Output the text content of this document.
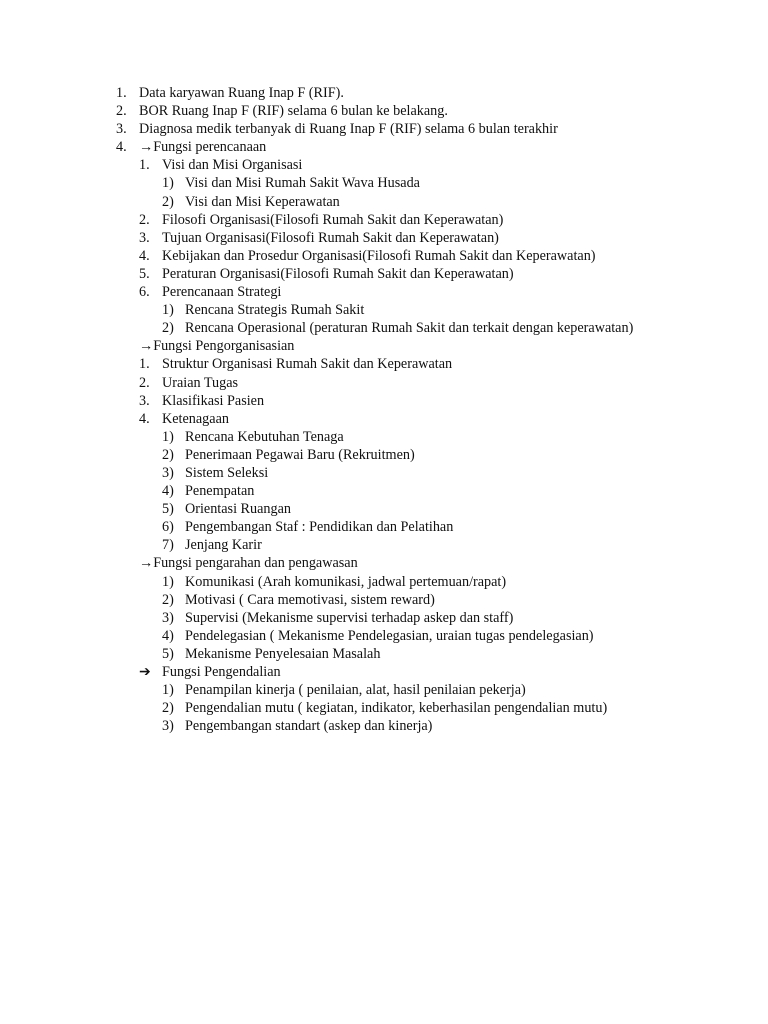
1. Data karyawan Ruang Inap F (RIF).
2. BOR Ruang Inap F (RIF) selama 6 bulan ke belakang.
3. Diagnosa medik terbanyak di Ruang Inap F (RIF) selama 6 bulan terakhir
4. →Fungsi perencanaan
1. Visi dan Misi Organisasi
1) Visi dan Misi Rumah Sakit Wava Husada
2) Visi dan Misi Keperawatan
2. Filosofi Organisasi(Filosofi Rumah Sakit dan Keperawatan)
3. Tujuan Organisasi(Filosofi Rumah Sakit dan Keperawatan)
4. Kebijakan dan Prosedur Organisasi(Filosofi Rumah Sakit dan Keperawatan)
5. Peraturan Organisasi(Filosofi Rumah Sakit dan Keperawatan)
6. Perencanaan Strategi
1) Rencana Strategis Rumah Sakit
2) Rencana Operasional (peraturan Rumah Sakit dan terkait dengan keperawatan)
→Fungsi Pengorganisasian
1. Struktur Organisasi Rumah Sakit dan Keperawatan
2. Uraian Tugas
3. Klasifikasi Pasien
4. Ketenagaan
1) Rencana Kebutuhan Tenaga
2) Penerimaan Pegawai Baru (Rekruitmen)
3) Sistem Seleksi
4) Penempatan
5) Orientasi Ruangan
6) Pengembangan Staf : Pendidikan dan Pelatihan
7) Jenjang Karir
→Fungsi pengarahan dan pengawasan
1) Komunikasi (Arah komunikasi, jadwal pertemuan/rapat)
2) Motivasi ( Cara memotivasi, sistem reward)
3) Supervisi (Mekanisme supervisi terhadap askep dan staff)
4) Pendelegasian ( Mekanisme Pendelegasian, uraian tugas pendelegasian)
5) Mekanisme Penyelesaian Masalah
➔ Fungsi Pengendalian
1) Penampilan kinerja ( penilaian, alat, hasil penilaian pekerja)
2) Pengendalian mutu ( kegiatan, indikator, keberhasilan pengendalian mutu)
3) Pengembangan standart (askep dan kinerja)
